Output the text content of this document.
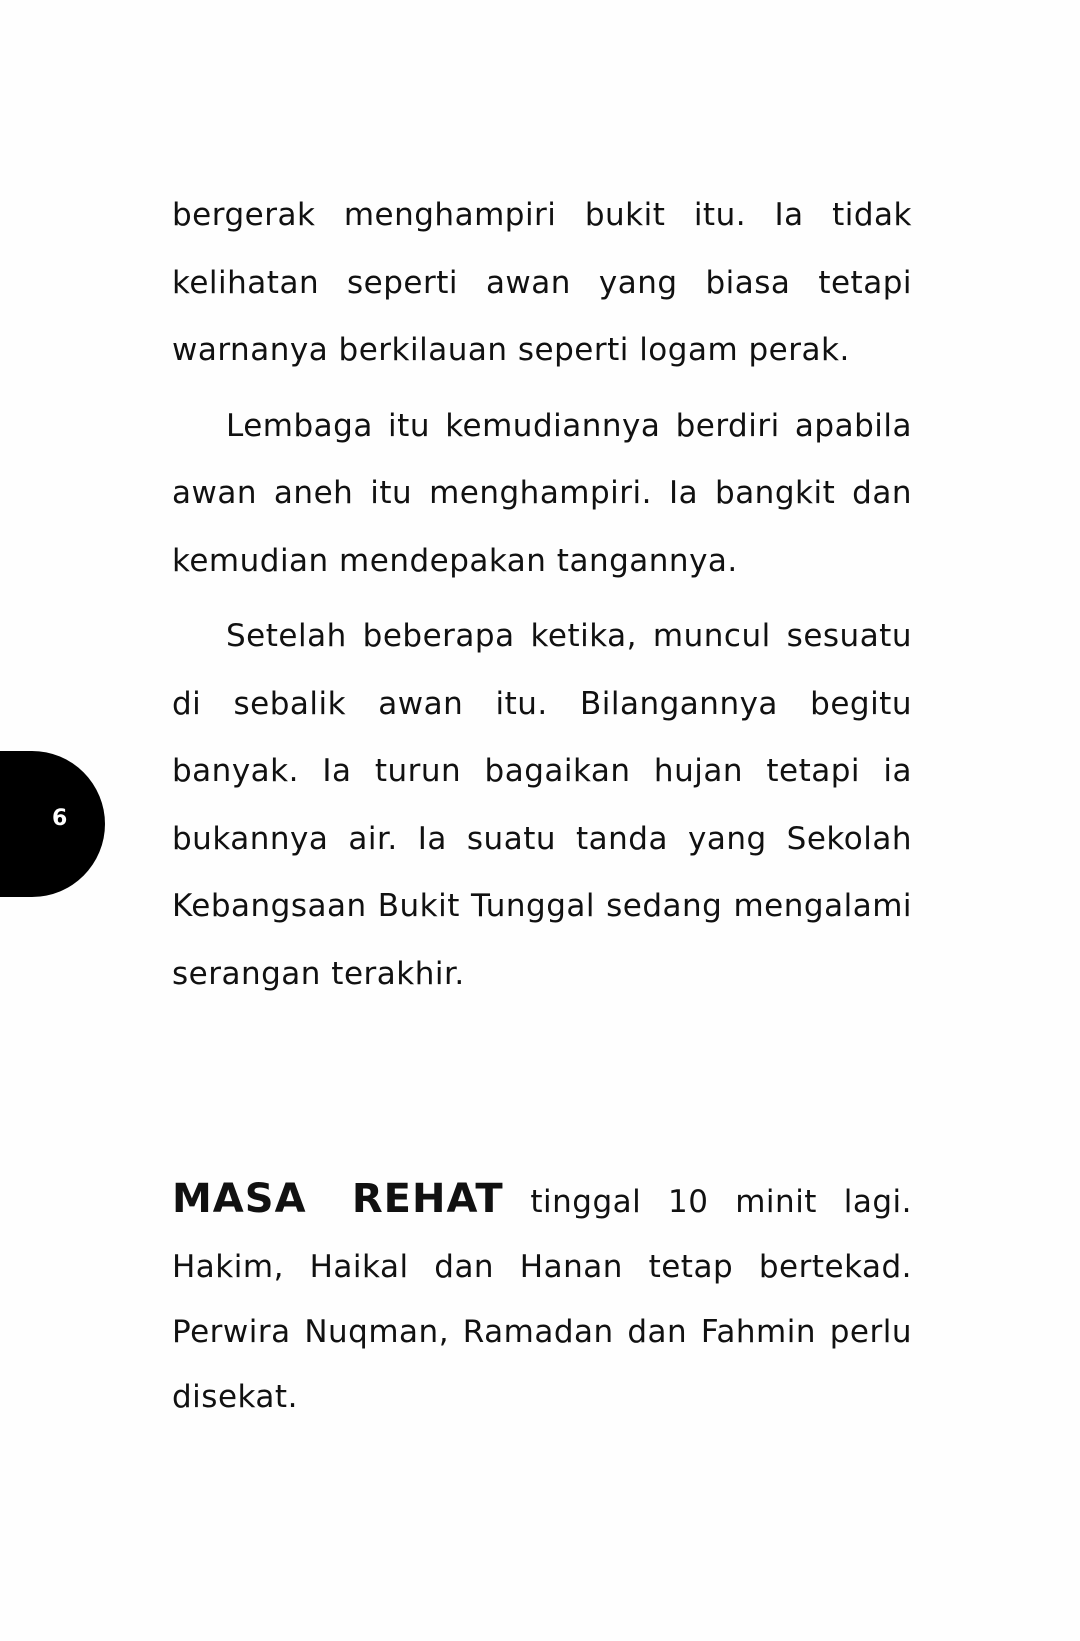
bergerak menghampiri bukit itu. Ia tidak kelihatan seperti awan yang biasa tetapi warnanya berkilauan seperti logam perak.

Lembaga itu kemudiannya berdiri apabila awan aneh itu menghampiri. Ia bangkit dan kemudian mendepakan tangannya.

Setelah beberapa ketika, muncul sesuatu di sebalik awan itu. Bilangannya begitu banyak. Ia turun bagaikan hujan tetapi ia bukannya air. Ia suatu tanda yang Sekolah Kebangsaan Bukit Tunggal sedang mengalami serangan terakhir.

MASA REHAT tinggal 10 minit lagi. Hakim, Haikal dan Hanan tetap bertekad. Perwira Nuqman, Ramadan dan Fahmin perlu disekat.

6
